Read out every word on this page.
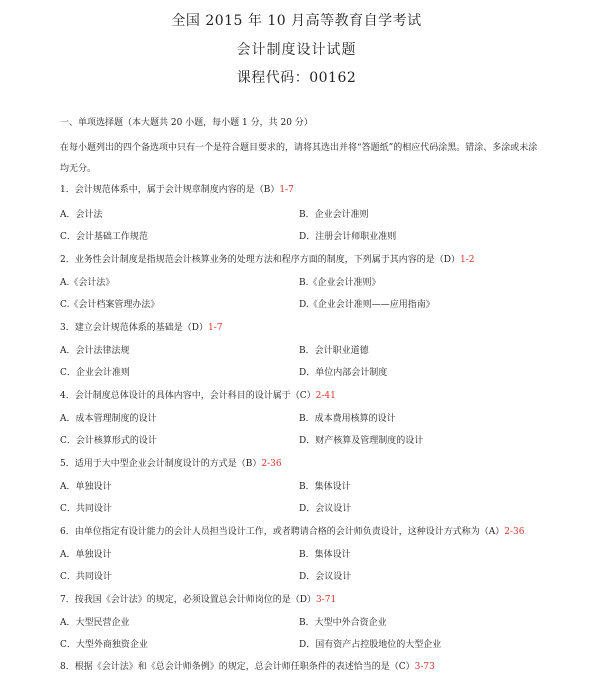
全国 2015 年 10 月高等教育自学考试
会计制度设计试题
课程代码：00162
一、单项选择题（本大题共 20 小题，每小题 1 分，共 20 分）
在每小题列出的四个备选项中只有一个是符合题目要求的，请将其选出并将“答题纸”的相应代码涂黑。错涂、多涂或未涂均无分。
1．会计规范体系中，属于会计规章制度内容的是（B）1-7
A．会计法	B．企业会计准则
C．会计基础工作规范	D．注册会计师职业准则
2．业务性会计制度是指规范会计核算业务的处理方法和程序方面的制度，下列属于其内容的是（D）1-2
A.《会计法》	B.《企业会计准则》
C.《会计档案管理办法》	D.《企业会计准则——应用指南》
3．建立会计规范体系的基础是（D）1-7
A．会计法律法规	B．会计职业道德
C．企业会计准则	D．单位内部会计制度
4．会计制度总体设计的具体内容中，会计科目的设计属于（C）2-41
A．成本管理制度的设计	B．成本费用核算的设计
C．会计核算形式的设计	D．财产核算及管理制度的设计
5．适用于大中型企业会计制度设计的方式是（B）2-36
A．单独设计	B．集体设计
C．共同设计	D．会议设计
6．由单位指定有设计能力的会计人员担当设计工作，或者聘请合格的会计师负责设计，这种设计方式称为（A）2-36
A．单独设计	B．集体设计
C．共同设计	D．会议设计
7．按我国《会计法》的规定，必须设置总会计师岗位的是（D）3-71
A．大型民营企业	B．大型中外合资企业
C．大型外商独资企业	D．国有资产占控股地位的大型企业
8．根据《会计法》和《总会计师条例》的规定，总会计师任职条件的表述恰当的是（C）3-73
